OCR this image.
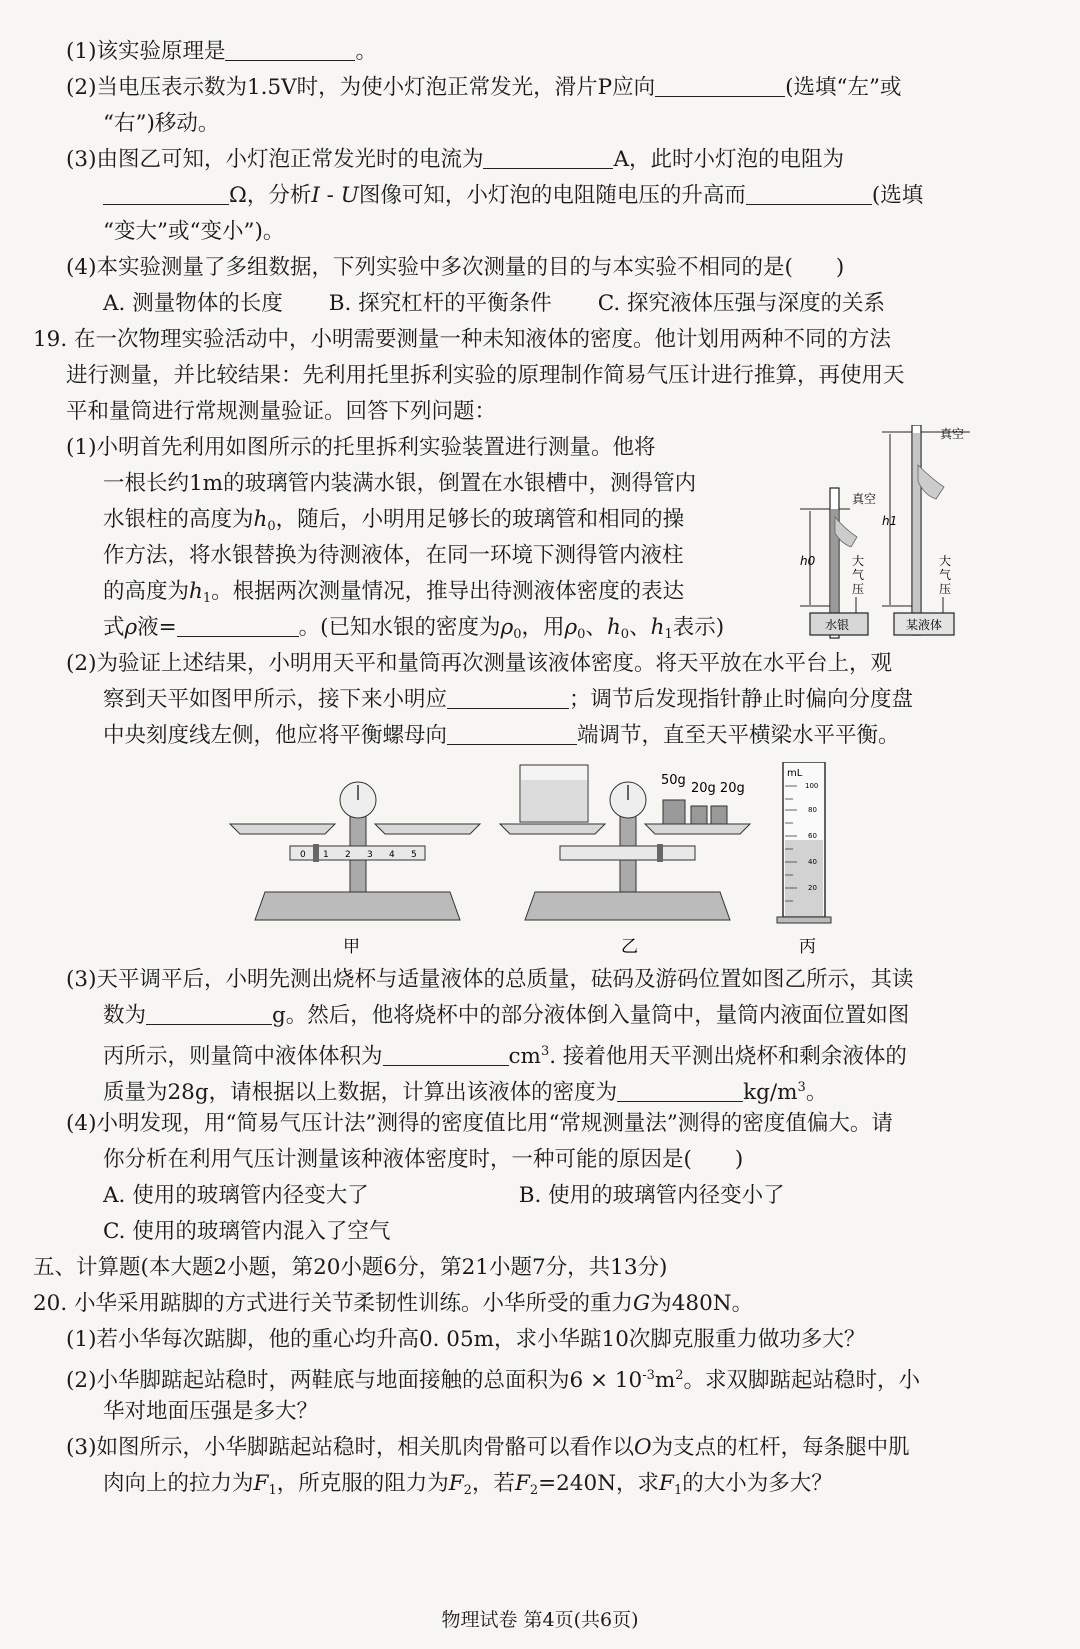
(1)该实验原理是	。
(2)当电压表示数为1.5V时，为使小灯泡正常发光，滑片P应向	(选填“左”或
“右”)移动。
(3)由图乙可知，小灯泡正常发光时的电流为	A，此时小灯泡的电阻为
Ω，分析I - U图像可知，小灯泡的电阻随电压的升高而	(选填
“变大”或“变小”)。
(4)本实验测量了多组数据，下列实验中多次测量的目的与本实验不相同的是(　　)
A. 测量物体的长度 B. 探究杠杆的平衡条件 C. 探究液体压强与深度的关系
19. 在一次物理实验活动中，小明需要测量一种未知液体的密度。他计划用两种不同的方法
进行测量，并比较结果：先利用托里拆利实验的原理制作简易气压计进行推算，再使用天
平和量筒进行常规测量验证。回答下列问题：
(1)小明首先利用如图所示的托里拆利实验装置进行测量。他将
一根长约1m的玻璃管内装满水银，倒置在水银槽中，测得管内
水银柱的高度为$h_0$，随后，小明用足够长的玻璃管和相同的操
作方法，将水银替换为待测液体，在同一环境下测得管内液柱
的高度为$h_1$。根据两次测量情况，推导出待测液体密度的表达
式ρ液=	。(已知水银的密度为$\rho_0$，用$\rho_0$、$h_0$、$h_1$表示)
h0
真空
大
气
压
水银
h1
真空
大
气
压
某液体
(2)为验证上述结果，小明用天平和量筒再次测量该液体密度。将天平放在水平台上，观
察到天平如图甲所示，接下来小明应	；调节后发现指针静止时偏向分度盘
中央刻度线左侧，他应将平衡螺母向	端调节，直至天平横梁水平平衡。
0 1 2 3 4 5
甲
50g
20g 20g
乙
mL
100
80
60
40
20
丙
(3)天平调平后，小明先测出烧杯与适量液体的总质量，砝码及游码位置如图乙所示，其读
数为	g。然后，他将烧杯中的部分液体倒入量筒中，量筒内液面位置如图
丙所示，则量筒中液体体积为	$cm^3$. 接着他用天平测出烧杯和剩余液体的
质量为28g，请根据以上数据，计算出该液体的密度为	$kg/m^3$。
(4)小明发现，用“简易气压计法”测得的密度值比用“常规测量法”测得的密度值偏大。请
你分析在利用气压计测量该种液体密度时，一种可能的原因是(　　)
A. 使用的玻璃管内径变大了	B. 使用的玻璃管内径变小了
C. 使用的玻璃管内混入了空气
五、计算题(本大题2小题，第20小题6分，第21小题7分，共13分)
20. 小华采用踮脚的方式进行关节柔韧性训练。小华所受的重力G为480N。
(1)若小华每次踮脚，他的重心均升高0. 05m，求小华踮10次脚克服重力做功多大？
(2)小华脚踮起站稳时，两鞋底与地面接触的总面积为$6 \times 10^{-3}m^2$。求双脚踮起站稳时，小
华对地面压强是多大？
(3)如图所示，小华脚踮起站稳时，相关肌肉骨骼可以看作以O为支点的杠杆，每条腿中肌
肉向上的拉力为$F_1$，所克服的阻力为$F_2$，若$F_2=240N$，求$F_1$的大小为多大？
物理试卷 第4页(共6页)
